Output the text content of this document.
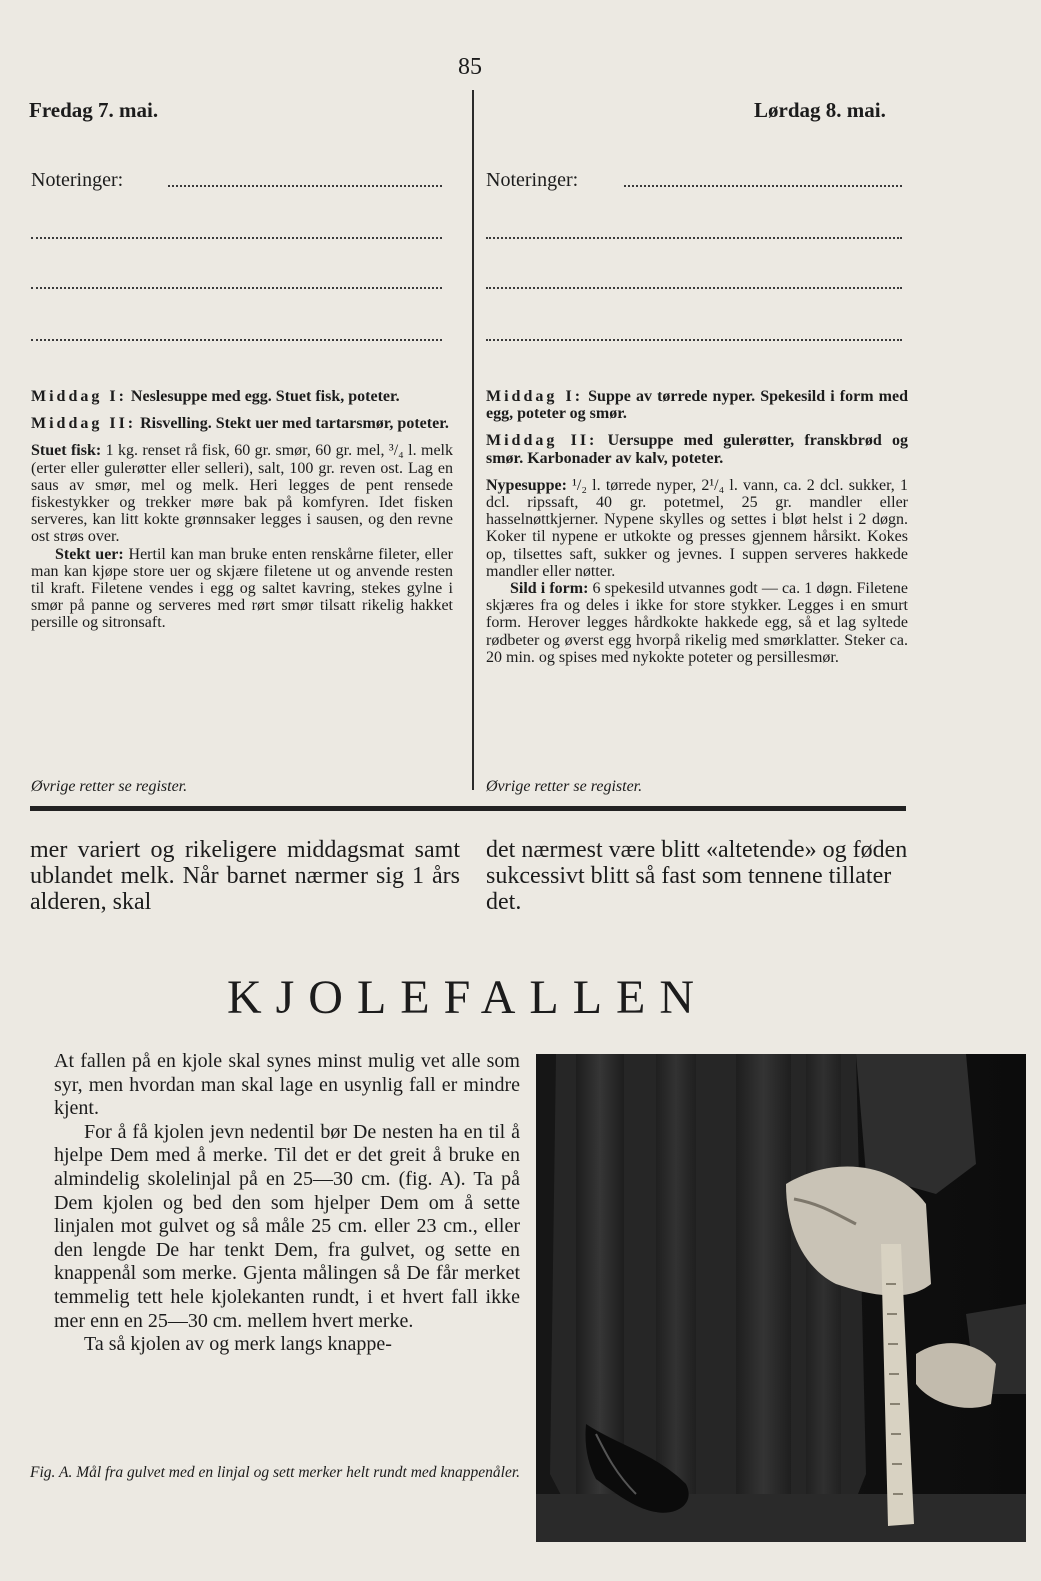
85
Fredag 7. mai.	Lørdag 8. mai.
Noteringer:	Noteringer:

Middag I: Neslesuppe med egg. Stuet fisk, poteter.

Middag II: Risvelling. Stekt uer med tartarsmør, poteter.

Stuet fisk: 1 kg. renset rå fisk, 60 gr. smør, 60 gr. mel, ³/₄ l. melk (erter eller gulerøtter eller selleri), salt, 100 gr. reven ost. Lag en saus av smør, mel og melk. Heri legges de pent rensede fiskestykker og trekker møre bak på komfyren. Idet fisken serveres, kan litt kokte grønnsaker legges i sausen, og den revne ost strøs over.

Stekt uer: Hertil kan man bruke enten renskårne fileter, eller man kan kjøpe store uer og skjære filetene ut og anvende resten til kraft. Filetene vendes i egg og saltet kavring, stekes gylne i smør på panne og serveres med rørt smør tilsatt rikelig hakket persille og sitronsaft.

Øvrige retter se register.

Middag I: Suppe av tørrede nyper. Spekesild i form med egg, poteter og smør.

Middag II: Uersuppe med gulerøtter, franskbrød og smør. Karbonader av kalv, poteter.

Nypesuppe: ¹/₂ l. tørrede nyper, 2¹/₄ l. vann, ca. 2 dcl. sukker, 1 dcl. ripssaft, 40 gr. potetmel, 25 gr. mandler eller hasselnøttkjerner. Nypene skylles og settes i bløt helst i 2 døgn. Koker til nypene er utkokte og presses gjennem hårsikt. Kokes op, tilsettes saft, sukker og jevnes. I suppen serveres hakkede mandler eller nøtter.

Sild i form: 6 spekesild utvannes godt — ca. 1 døgn. Filetene skjæres fra og deles i ikke for store stykker. Legges i en smurt form. Herover legges hårdkokte hakkede egg, så et lag syltede rødbeter og øverst egg hvorpå rikelig med smørklatter. Steker ca. 20 min. og spises med nykokte poteter og persillesmør.

Øvrige retter se register.
mer variert og rikeligere middagsmat samt ublandet melk. Når barnet nærmer sig 1 års alderen, skal
det nærmest være blitt «altetende» og føden sukcessivt blitt så fast som tennene tillater det.
KJOLEFALLEN

At fallen på en kjole skal synes minst mulig vet alle som syr, men hvordan man skal lage en usynlig fall er mindre kjent.

For å få kjolen jevn nedentil bør De nesten ha en til å hjelpe Dem med å merke. Til det er det greit å bruke en almindelig skolelinjal på en 25—30 cm. (fig. A). Ta på Dem kjolen og bed den som hjelper Dem om å sette linjalen mot gulvet og så måle 25 cm. eller 23 cm., eller den lengde De har tenkt Dem, fra gulvet, og sette en knappenål som merke. Gjenta målingen så De får merket temmelig tett hele kjolekanten rundt, i et hvert fall ikke mer enn en 25—30 cm. mellem hvert merke.

Ta så kjolen av og merk langs knappe-

Fig. A. Mål fra gulvet med en linjal og sett merker helt rundt med knappenåler.
